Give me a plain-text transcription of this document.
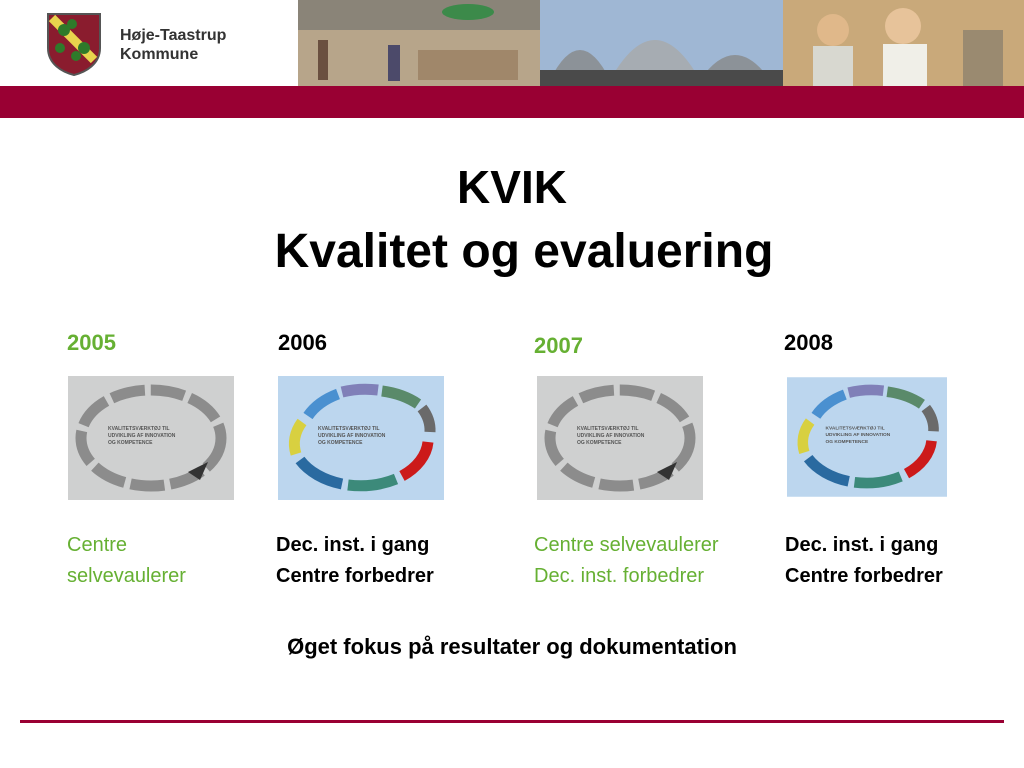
Høje-Taastrup
Kommune
KVIK
Kvalitet og evaluering
2005	2006	2007	2008
KVALITETSVÆRKTØJ TIL
UDVIKLING AF INNOVATION
OG KOMPETENCE
KVALITETSVÆRKTØJ TIL
UDVIKLING AF INNOVATION
OG KOMPETENCE
KVALITETSVÆRKTØJ TIL
UDVIKLING AF INNOVATION
OG KOMPETENCE
KVALITETSVÆRKTØJ TIL
UDVIKLING AF INNOVATION
OG KOMPETENCE
Centre
selvevaulerer
Dec. inst. i gang
Centre forbedrer
Centre selvevaulerer
Dec. inst. forbedrer
Dec. inst. i gang
Centre forbedrer
Øget fokus på resultater og dokumentation
